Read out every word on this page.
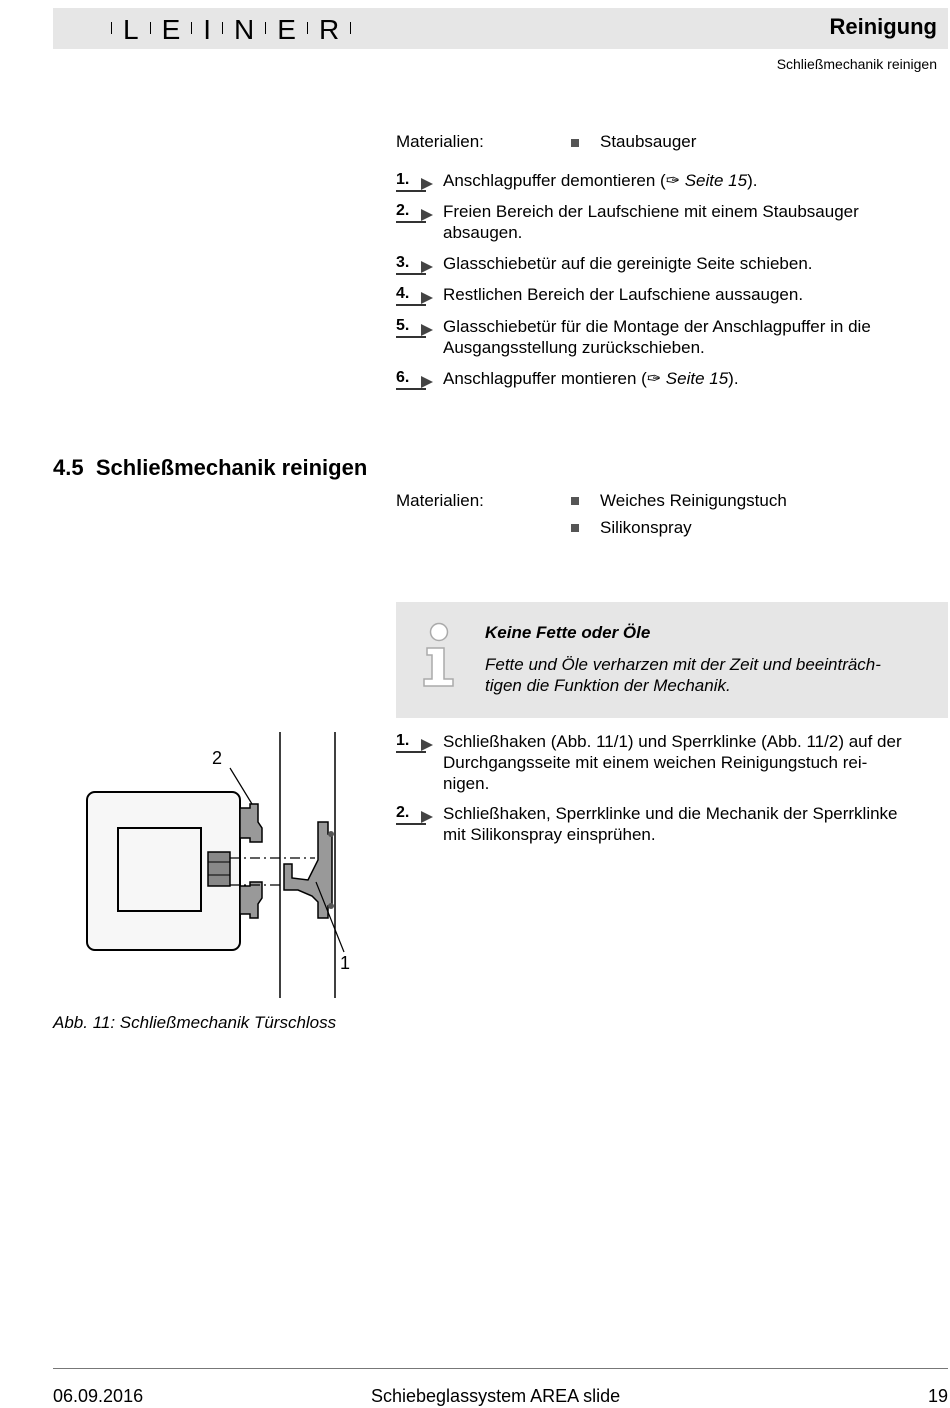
L E I N E R	Reinigung
Schließmechanik reinigen
Materialien:	Staubsauger
1. Anschlagpuffer demontieren (✑ Seite 15).
2. Freien Bereich der Laufschiene mit einem Staubsauger
absaugen.
3. Glasschiebetür auf die gereinigte Seite schieben.
4. Restlichen Bereich der Laufschiene aussaugen.
5. Glasschiebetür für die Montage der Anschlagpuffer in die
Ausgangsstellung zurückschieben.
6. Anschlagpuffer montieren (✑ Seite 15).
4.5 Schließmechanik reinigen
Materialien:	Weiches Reinigungstuch
Silikonspray
Keine Fette oder Öle
Fette und Öle verharzen mit der Zeit und beeinträch-
tigen die Funktion der Mechanik.
1. Schließhaken (Abb. 11/1) und Sperrklinke (Abb. 11/2) auf der
Durchgangsseite mit einem weichen Reinigungstuch rei-
nigen.
2. Schließhaken, Sperrklinke und die Mechanik der Sperrklinke
mit Silikonspray einsprühen.
2
1
Abb. 11: Schließmechanik Türschloss
06.09.2016	Schiebeglassystem AREA slide	19
